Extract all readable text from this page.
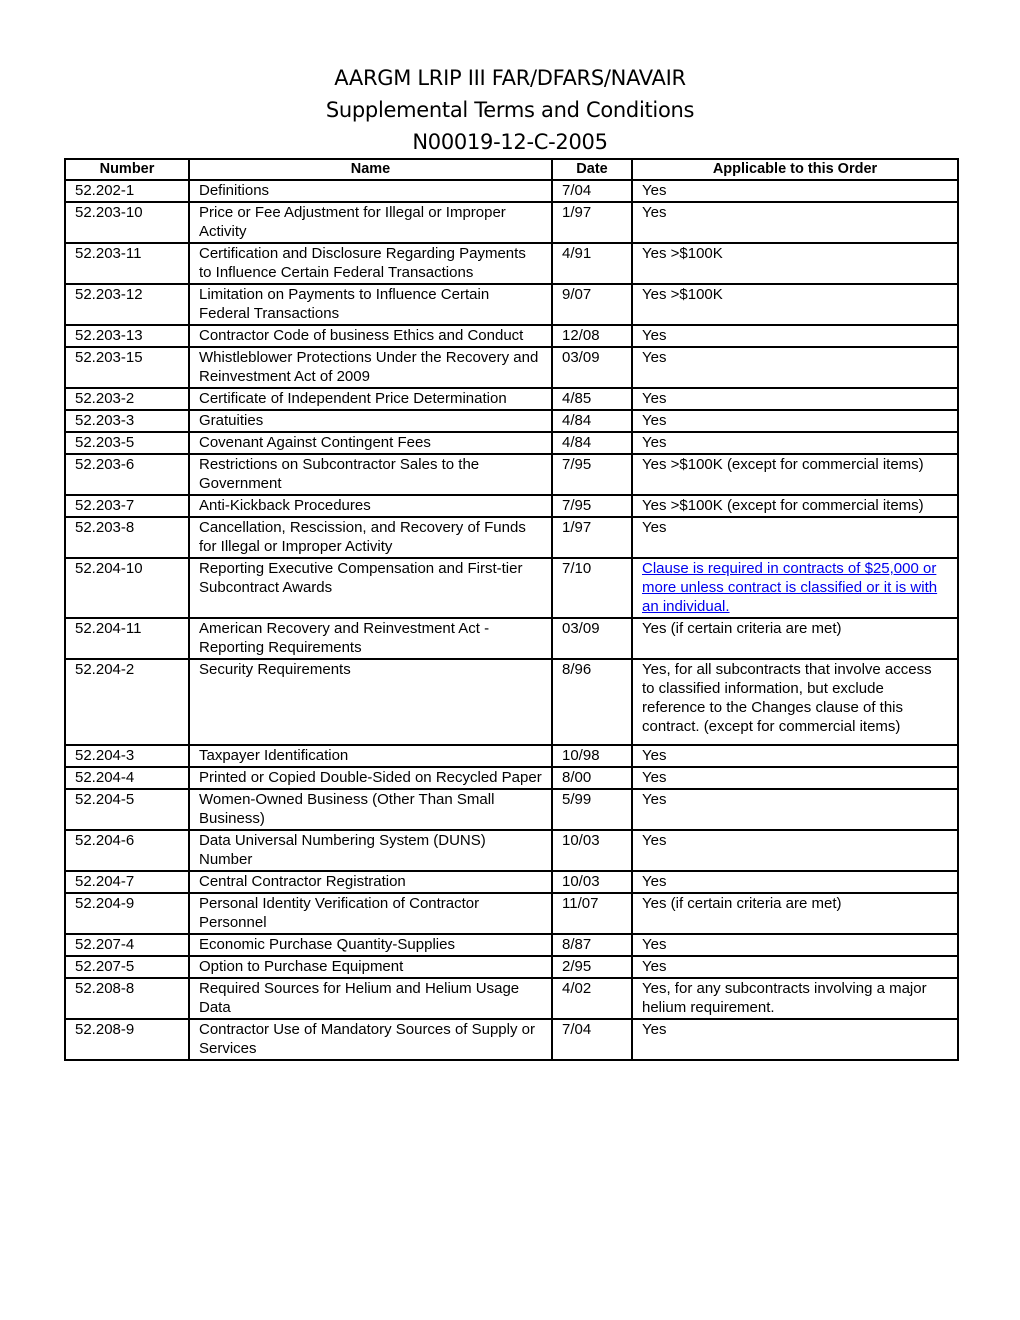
AARGM LRIP III FAR/DFARS/NAVAIR
Supplemental Terms and Conditions
N00019-12-C-2005
Number	Name	Date	Applicable to this Order
52.202-1	Definitions	7/04	Yes
52.203-10	Price or Fee Adjustment for Illegal or Improper Activity	1/97	Yes
52.203-11	Certification and Disclosure Regarding Payments to Influence Certain Federal Transactions	4/91	Yes >$100K
52.203-12	Limitation on Payments to Influence Certain Federal Transactions	9/07	Yes >$100K
52.203-13	Contractor Code of business Ethics and Conduct	12/08	Yes
52.203-15	Whistleblower Protections Under the Recovery and Reinvestment Act of 2009	03/09	Yes
52.203-2	Certificate of Independent Price Determination	4/85	Yes
52.203-3	Gratuities	4/84	Yes
52.203-5	Covenant Against Contingent Fees	4/84	Yes
52.203-6	Restrictions on Subcontractor Sales to the Government	7/95	Yes >$100K (except for commercial items)
52.203-7	Anti-Kickback Procedures	7/95	Yes >$100K (except for commercial items)
52.203-8	Cancellation, Rescission, and Recovery of Funds for Illegal or Improper Activity	1/97	Yes
52.204-10	Reporting Executive Compensation and First-tier Subcontract Awards	7/10	Clause is required in contracts of $25,000 or more unless contract is classified or it is with an individual.
52.204-11	American Recovery and Reinvestment Act - Reporting Requirements	03/09	Yes (if certain criteria are met)
52.204-2	Security Requirements	8/96	Yes, for all subcontracts that involve access to classified information, but exclude reference to the Changes clause of this contract. (except for commercial items)
52.204-3	Taxpayer Identification	10/98	Yes
52.204-4	Printed or Copied Double-Sided on Recycled Paper	8/00	Yes
52.204-5	Women-Owned Business (Other Than Small Business)	5/99	Yes
52.204-6	Data Universal Numbering System (DUNS) Number	10/03	Yes
52.204-7	Central Contractor Registration	10/03	Yes
52.204-9	Personal Identity Verification of Contractor Personnel	11/07	Yes (if certain criteria are met)
52.207-4	Economic Purchase Quantity-Supplies	8/87	Yes
52.207-5	Option to Purchase Equipment	2/95	Yes
52.208-8	Required Sources for Helium and Helium Usage Data	4/02	Yes, for any subcontracts involving a major helium requirement.
52.208-9	Contractor Use of Mandatory Sources of Supply or Services	7/04	Yes
